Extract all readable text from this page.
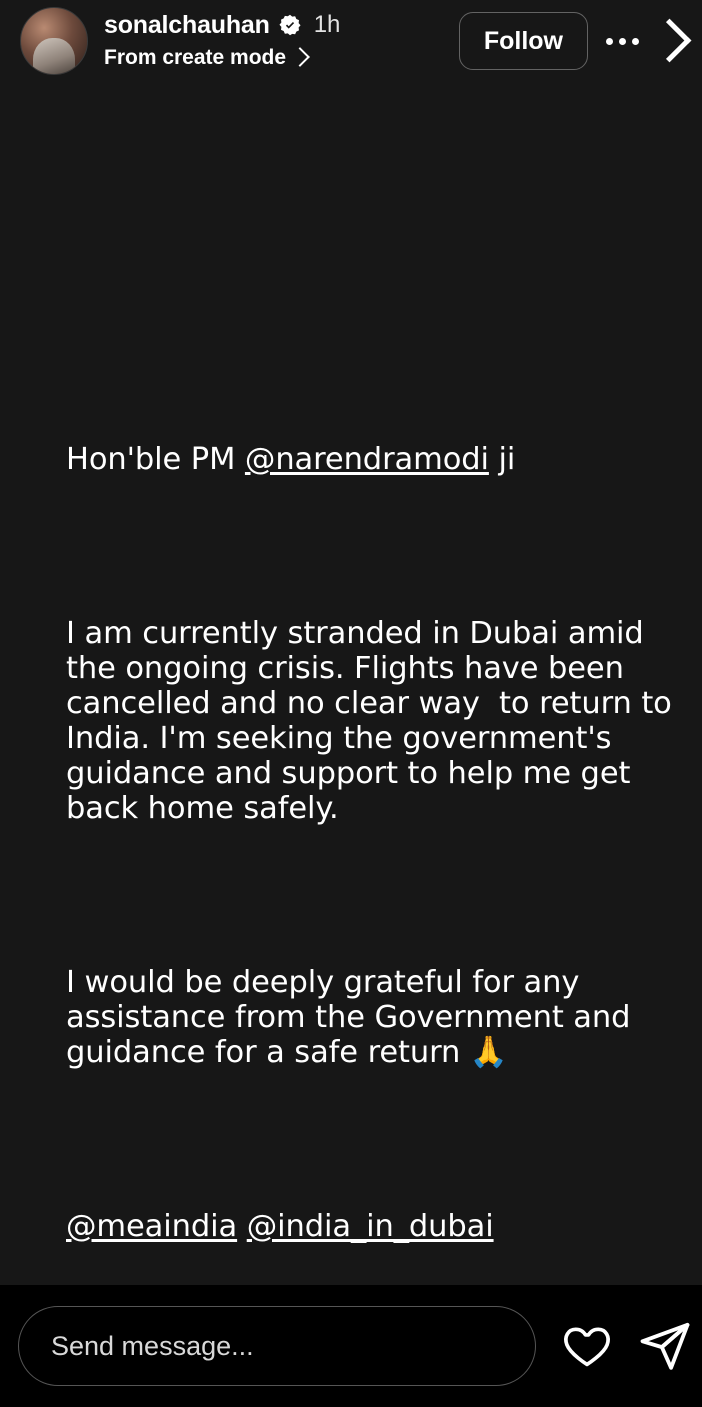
sonalchauhan 1h
From create mode
Follow

Hon'ble PM @narendramodi ji

I am currently stranded in Dubai amid the ongoing crisis. Flights have been cancelled and no clear way  to return to India. I'm seeking the government's guidance and support to help me get back home safely.

I would be deeply grateful for any assistance from the Government and guidance for a safe return 🙏

@meaindia @india_in_dubai

Send message...
